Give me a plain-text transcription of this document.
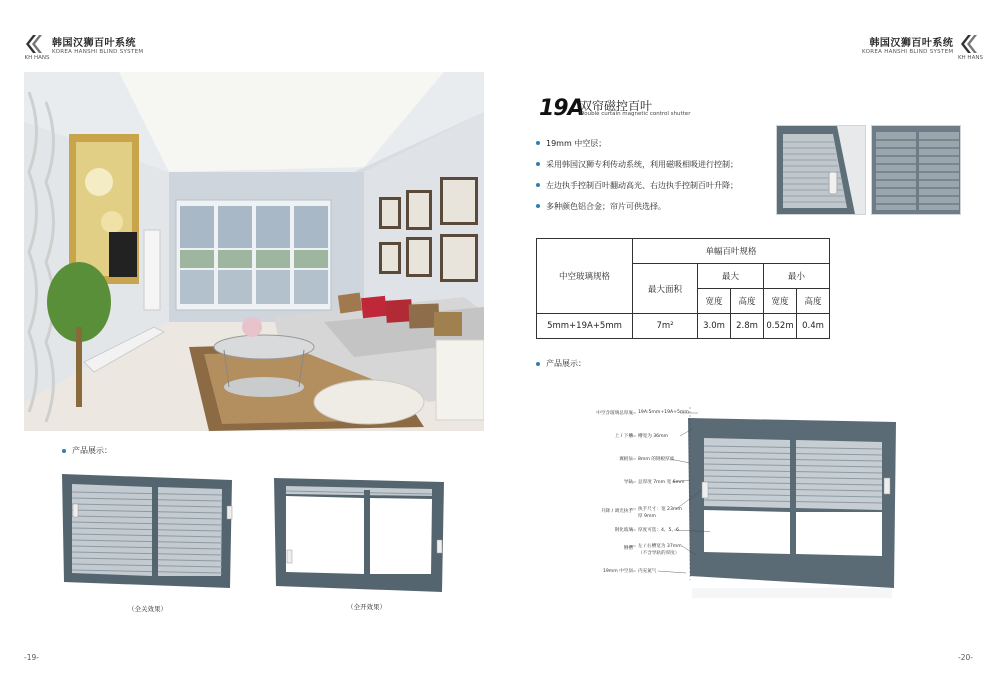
KH HANS
韩国汉狮百叶系统
KOREA HANSHI BLIND SYSTEM
韩国汉狮百叶系统
KOREA HANSHI BLIND SYSTEM
KH HANS
19A
双帘磁控百叶
Double curtain magnetic control shutter
19mm 中空层；
采用韩国汉狮专利传动系统，利用磁吸相吸进行控制；
左边执手控制百叶翻动高光、右边执手控制百叶升降；
多种颜色铝合金；帘片可供选择。
中空玻璃规格	单幅百叶规格				
	最大面积	最大		最小	
		宽度	高度	宽度	高度
5mm+19A+5mm	7m²	3.0m	2.8m	0.52m	0.4m
产品展示：
产品展示：
（全关效果）	（全开效果）
中空含玻璃总厚度
上 / 下槽
翼板位
导轨
升降 / 调光执手
钢化玻璃
侧槽
19mm 中空层
19A:5mm+19A+5mm
槽宽为 36mm
8mm 的钢板厚度
总厚度 7mm 宽 6mm
执手尺寸：宽 23mm
厚 9mm
厚度可选：4、5、6
左 / 右槽宽为 37mm
（不含导轨的厚度）
内充氮气
-19-	-20-
